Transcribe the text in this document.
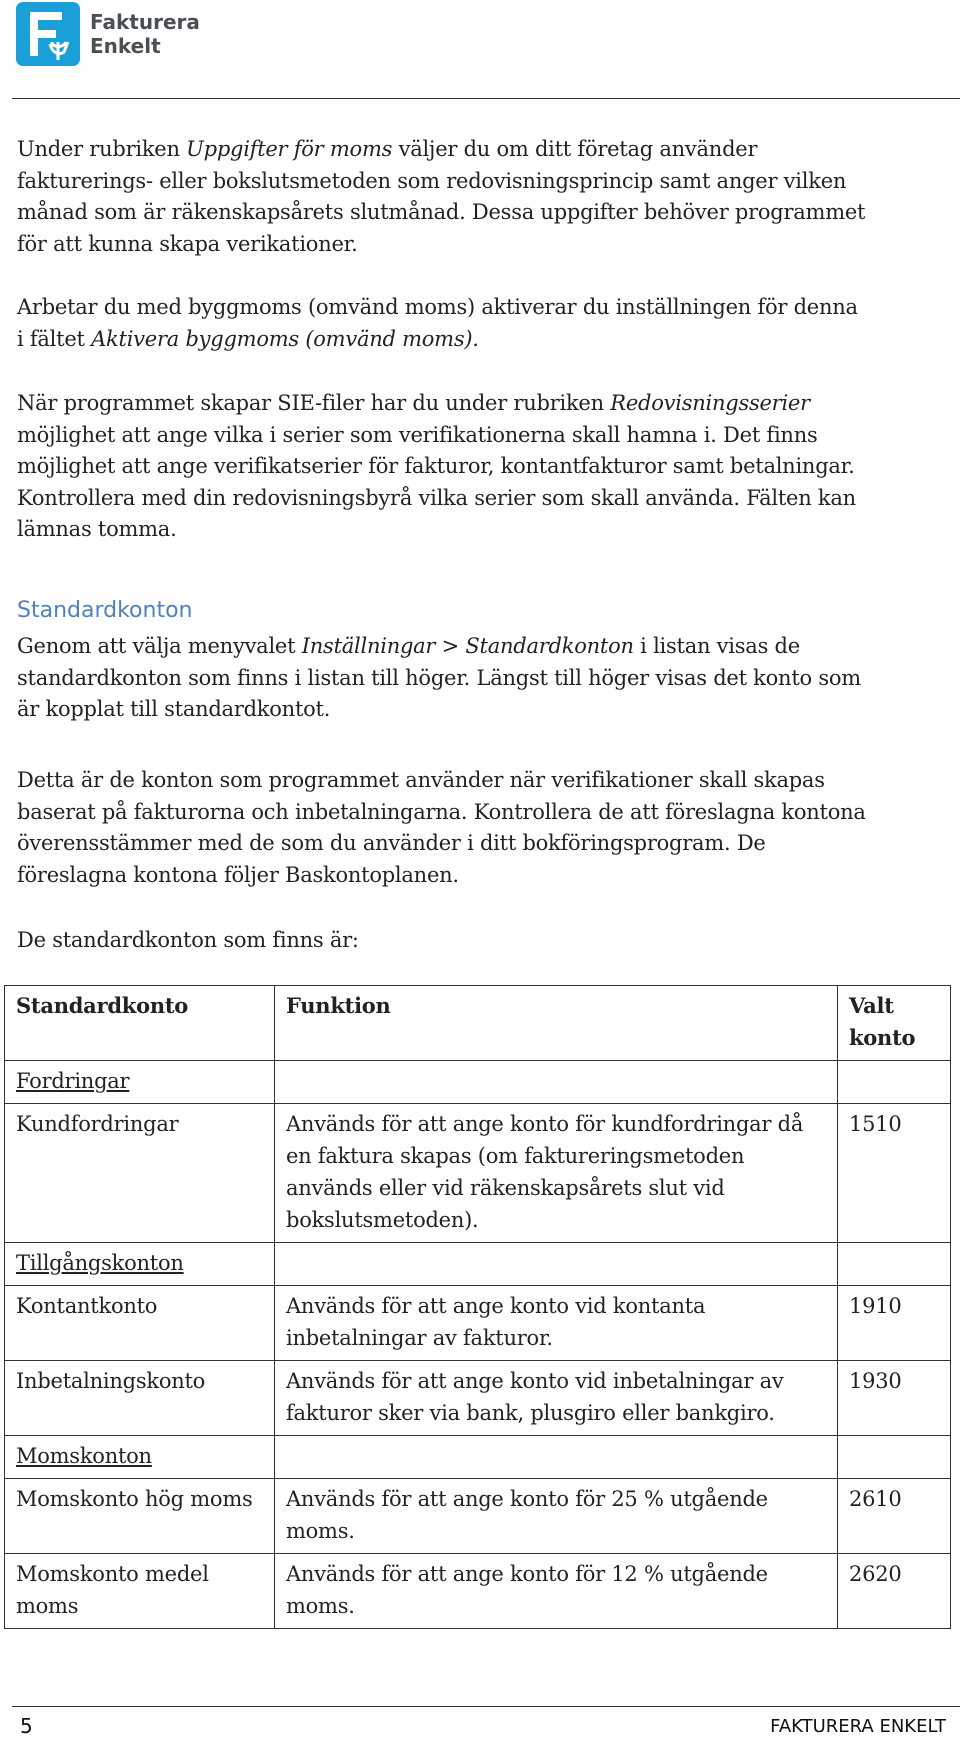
Fakturera
Enkelt

Under rubriken Uppgifter för moms väljer du om ditt företag använder
fakturerings- eller bokslutsmetoden som redovisningsprincip samt anger vilken
månad som är räkenskapsårets slutmånad. Dessa uppgifter behöver programmet
för att kunna skapa verikationer.

Arbetar du med byggmoms (omvänd moms) aktiverar du inställningen för denna
i fältet Aktivera byggmoms (omvänd moms).

När programmet skapar SIE-filer har du under rubriken Redovisningsserier
möjlighet att ange vilka i serier som verifikationerna skall hamna i. Det finns
möjlighet att ange verifikatserier för fakturor, kontantfakturor samt betalningar.
Kontrollera med din redovisningsbyrå vilka serier som skall använda. Fälten kan
lämnas tomma.

Standardkonton

Genom att välja menyvalet Inställningar > Standardkonton i listan visas de
standardkonton som finns i listan till höger. Längst till höger visas det konto som
är kopplat till standardkontot.

Detta är de konton som programmet använder när verifikationer skall skapas
baserat på fakturorna och inbetalningarna. Kontrollera de att föreslagna kontona
överensstämmer med de som du använder i ditt bokföringsprogram. De
föreslagna kontona följer Baskontoplanen.

De standardkonton som finns är:

Standardkonto	Funktion	Valt konto
Fordringar		
Kundfordringar	Används för att ange konto för kundfordringar då en faktura skapas (om faktureringsmetoden används eller vid räkenskapsårets slut vid bokslutsmetoden).	1510
Tillgångskonton		
Kontantkonto	Används för att ange konto vid kontanta inbetalningar av fakturor.	1910
Inbetalningskonto	Används för att ange konto vid inbetalningar av fakturor sker via bank, plusgiro eller bankgiro.	1930
Momskonton		
Momskonto hög moms	Används för att ange konto för 25 % utgående moms.	2610
Momskonto medel moms	Används för att ange konto för 12 % utgående moms.	2620
5	FAKTURERA ENKELT
